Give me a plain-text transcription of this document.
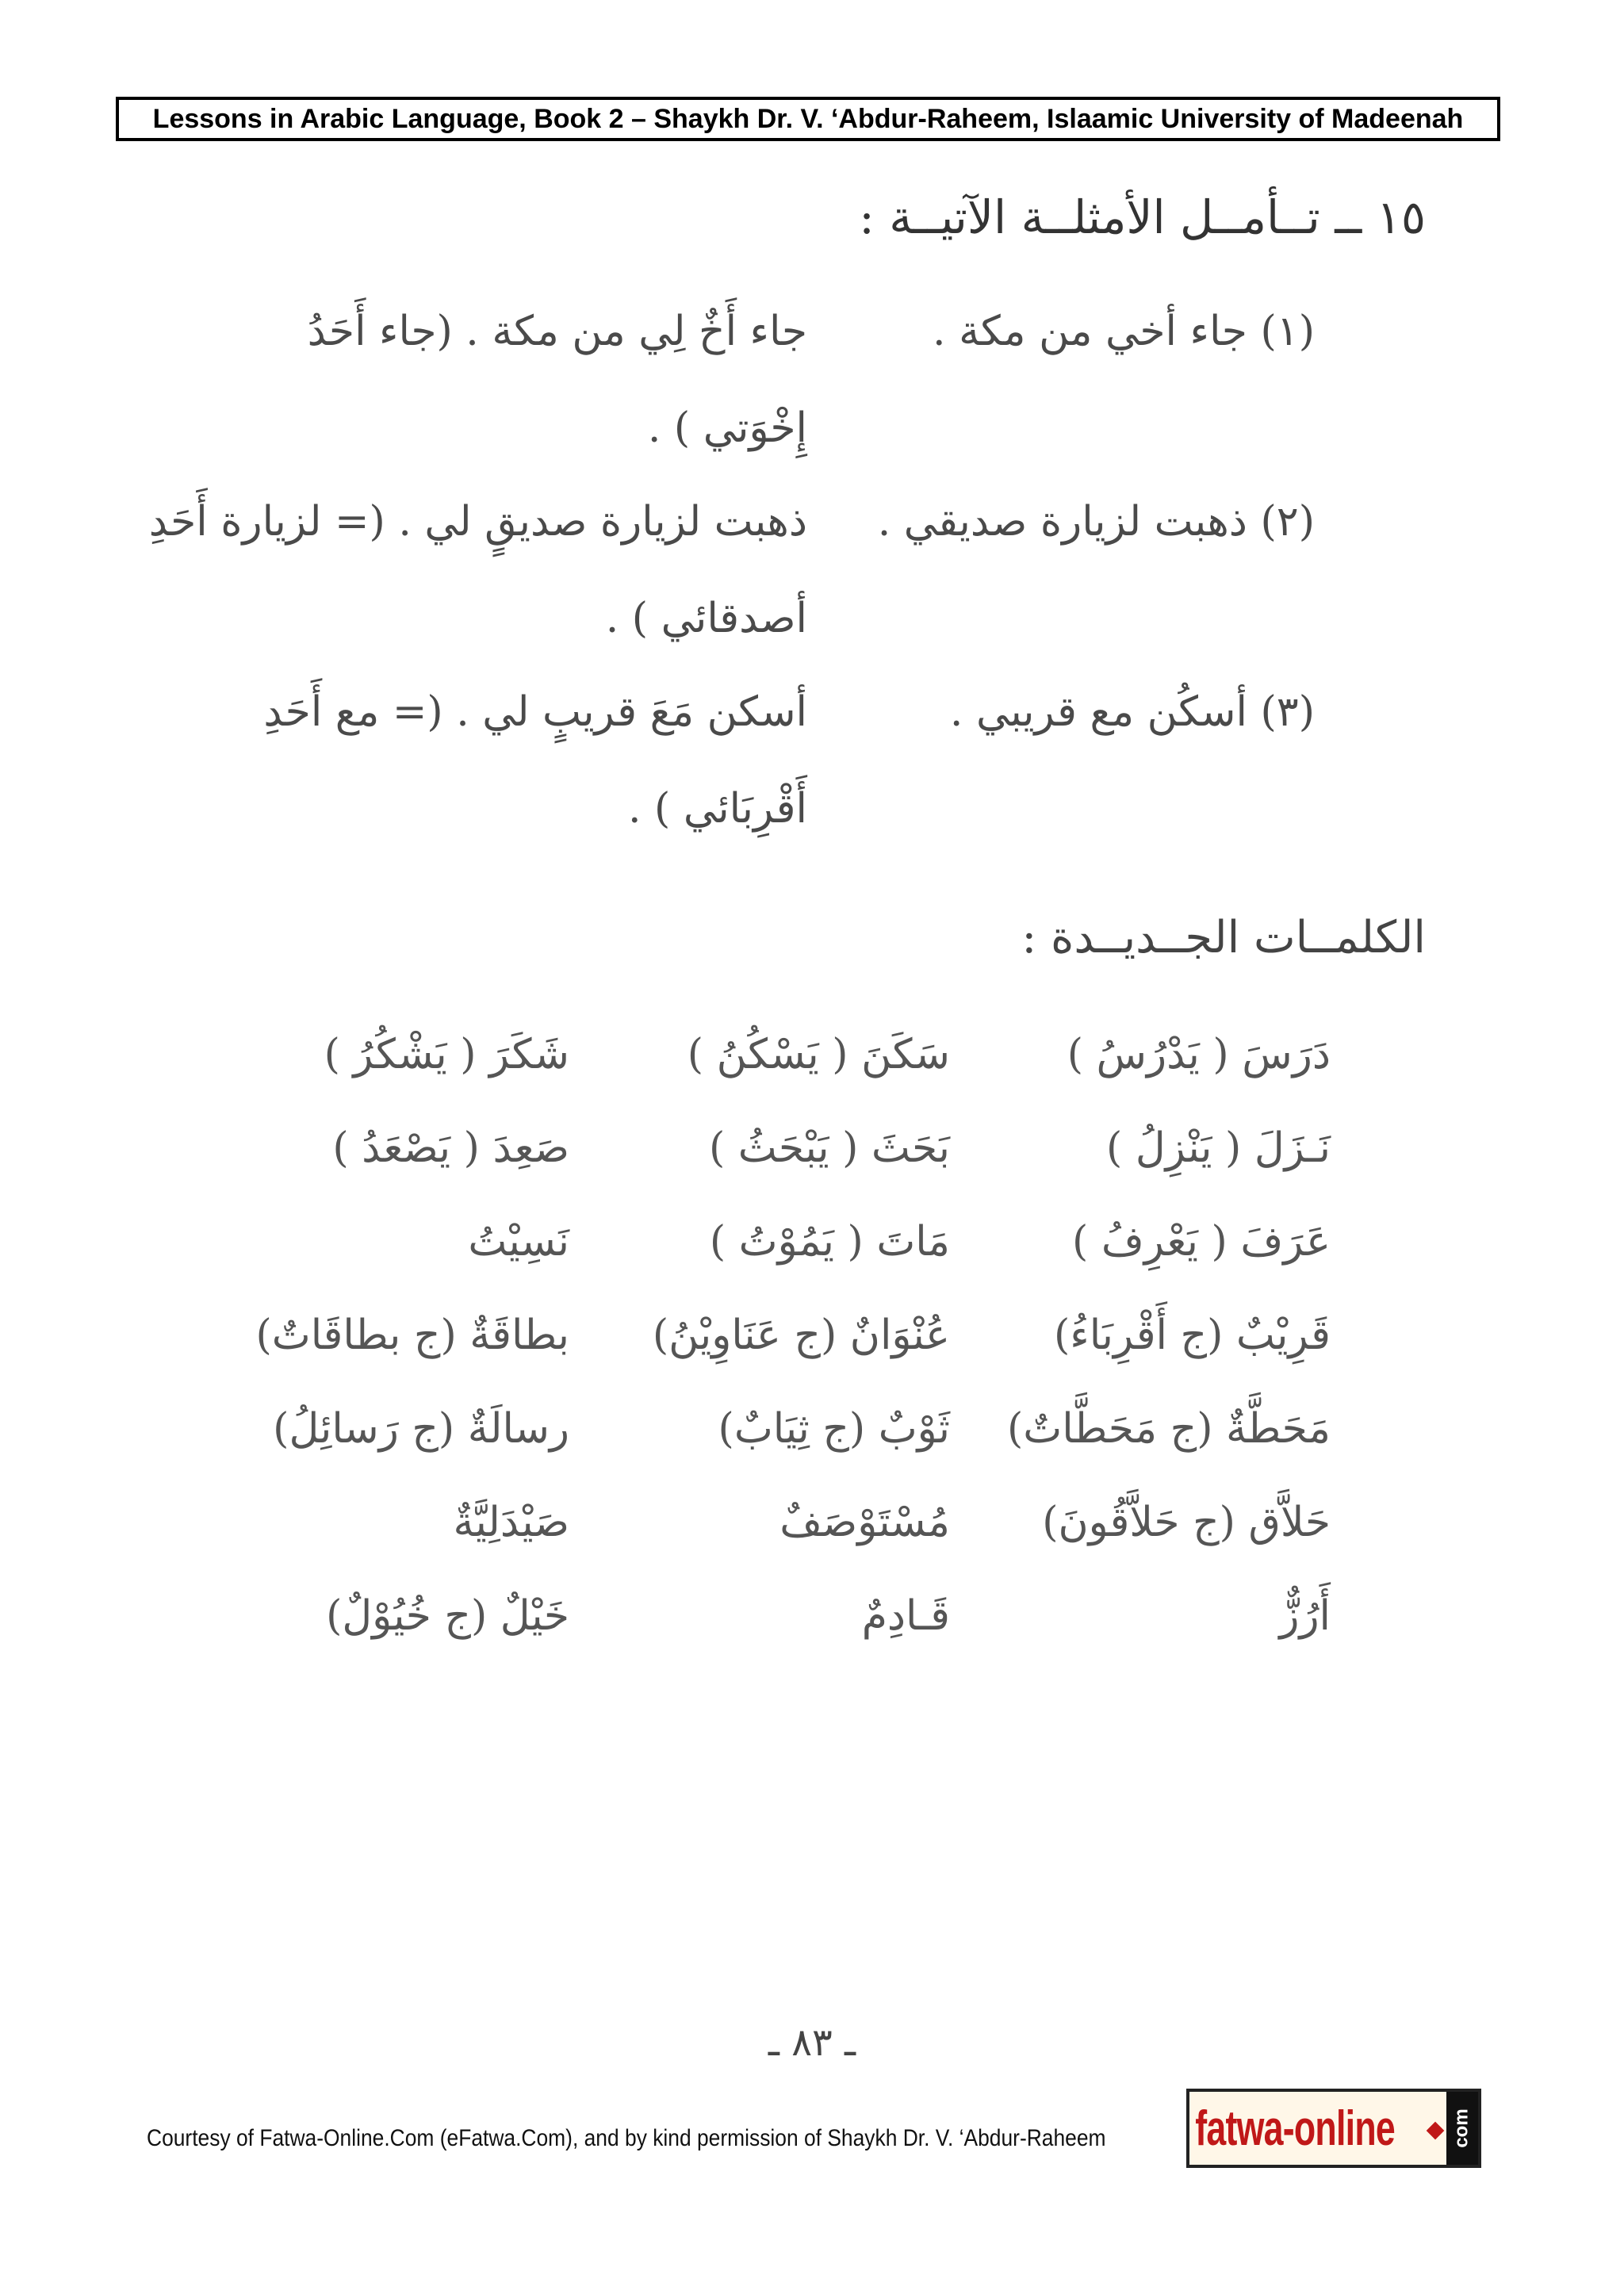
Lessons in Arabic Language, Book 2 – Shaykh Dr. V. ‘Abdur-Raheem, Islaamic University of Madeenah
١٥ ــ تــأمــل الأمثلــة الآتيــة :
(١) جاء أخي من مكة .
جاء أَخٌ لِي من مكة . (جاء أَحَدُ
إِخْوَتي ) .
(٢) ذهبت لزيارة صديقي .
ذهبت لزيارة صديقٍ لي . (= لزيارة أَحَدِ
أصدقائي ) .
(٣) أسكُن مع قريبي .
أسكن مَعَ قريبٍ لي . (= مع أَحَدِ
أَقْرِبَائي ) .
الكلمــات الجــديــدة :
دَرَسَ ( يَدْرُسُ )
سَكَنَ ( يَسْكُنُ )
شَكَرَ ( يَشْكُرُ )
نَـزَلَ ( يَنْزِلُ )
بَحَثَ ( يَبْحَثُ )
صَعِدَ ( يَصْعَدُ )
عَرَفَ ( يَعْرِفُ )
مَاتَ ( يَمُوْتُ )
نَسِيْتُ
قَرِيْبٌ (ج أَقْرِبَاءُ)
عُنْوَانٌ (ج عَنَاوِيْنُ)
بطاقَةٌ (ج بطاقَاتٌ)
مَحَطَّةٌ (ج مَحَطَّاتٌ)
ثَوْبٌ (ج ثِيَابٌ)
رسالَةٌ (ج رَسائِلُ)
حَلاَّق (ج حَلاَّقُونَ)
مُسْتَوْصَفٌ
صَيْدَلِيَّةٌ
أَرُزٌّ
قَـادِمٌ
خَيْلٌ (ج خُيُوْلٌ)
ـ ٨٣ ـ
Courtesy of Fatwa-Online.Com (eFatwa.Com), and by kind permission of Shaykh Dr. V. ‘Abdur-Raheem fatwa-online	com
